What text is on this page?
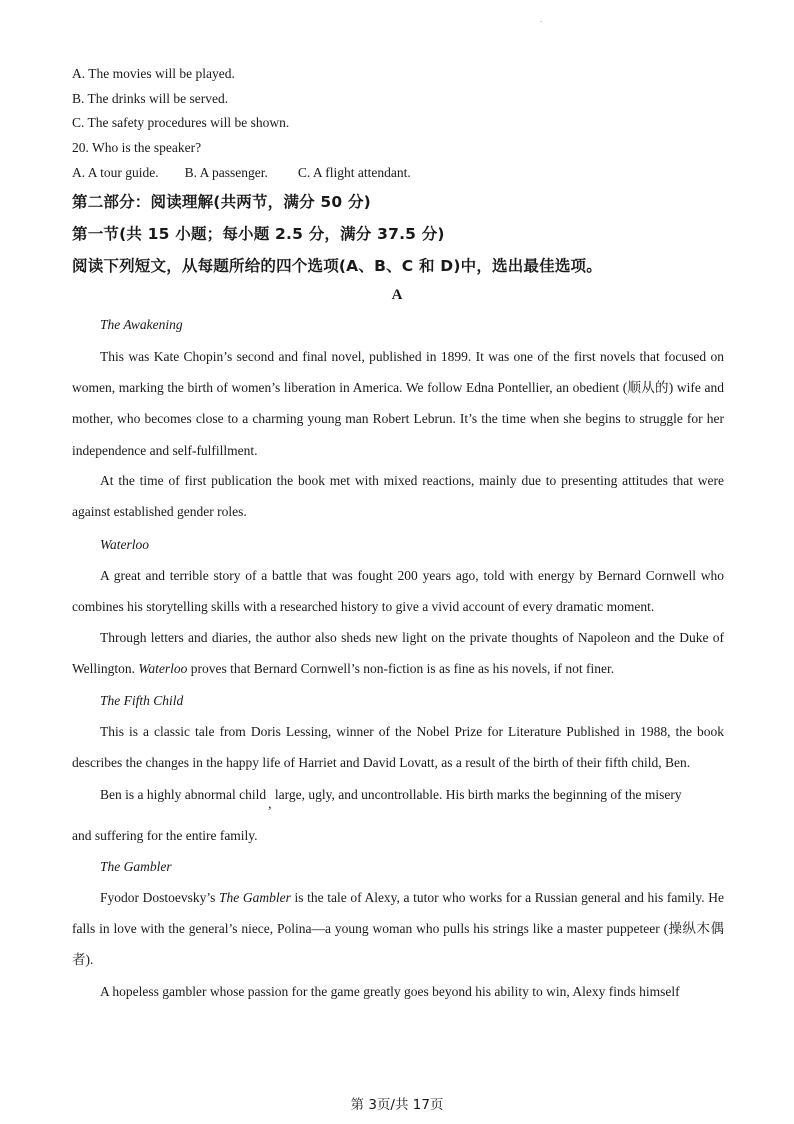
.
A. The movies will be played.
B. The drinks will be served.
C. The safety procedures will be shown.
20. Who is the speaker?
A. A tour guide. B. A passenger. C. A flight attendant.
第二部分：阅读理解(共两节，满分 50 分)
第一节(共 15 小题；每小题 2.5 分，满分 37.5 分)
阅读下列短文，从每题所给的四个选项(A、B、C 和 D)中，选出最佳选项。
A
The Awakening

This was Kate Chopin’s second and final novel, published in 1899. It was one of the first novels that focused on women, marking the birth of women’s liberation in America. We follow Edna Pontellier, an obedient (顺从的) wife and mother, who becomes close to a charming young man Robert Lebrun. It’s the time when she begins to struggle for her independence and self-fulfillment.

At the time of first publication the book met with mixed reactions, mainly due to presenting attitudes that were against established gender roles.

Waterloo

A great and terrible story of a battle that was fought 200 years ago, told with energy by Bernard Cornwell who combines his storytelling skills with a researched history to give a vivid account of every dramatic moment.

Through letters and diaries, the author also sheds new light on the private thoughts of Napoleon and the Duke of Wellington. Waterloo proves that Bernard Cornwell’s non-fiction is as fine as his novels, if not finer.

The Fifth Child

This is a classic tale from Doris Lessing, winner of the Nobel Prize for Literature Published in 1988, the book describes the changes in the happy life of Harriet and David Lovatt, as a result of the birth of their fifth child, Ben.

Ben is a highly abnormal child, large, ugly, and uncontrollable. His birth marks the beginning of the misery
and suffering for the entire family.
The Gambler

Fyodor Dostoevsky’s The Gambler is the tale of Alexy, a tutor who works for a Russian general and his family. He falls in love with the general’s niece, Polina—a young woman who pulls his strings like a master puppeteer (操纵木偶者).

A hopeless gambler whose passion for the game greatly goes beyond his ability to win, Alexy finds himself

第 3页/共 17页
